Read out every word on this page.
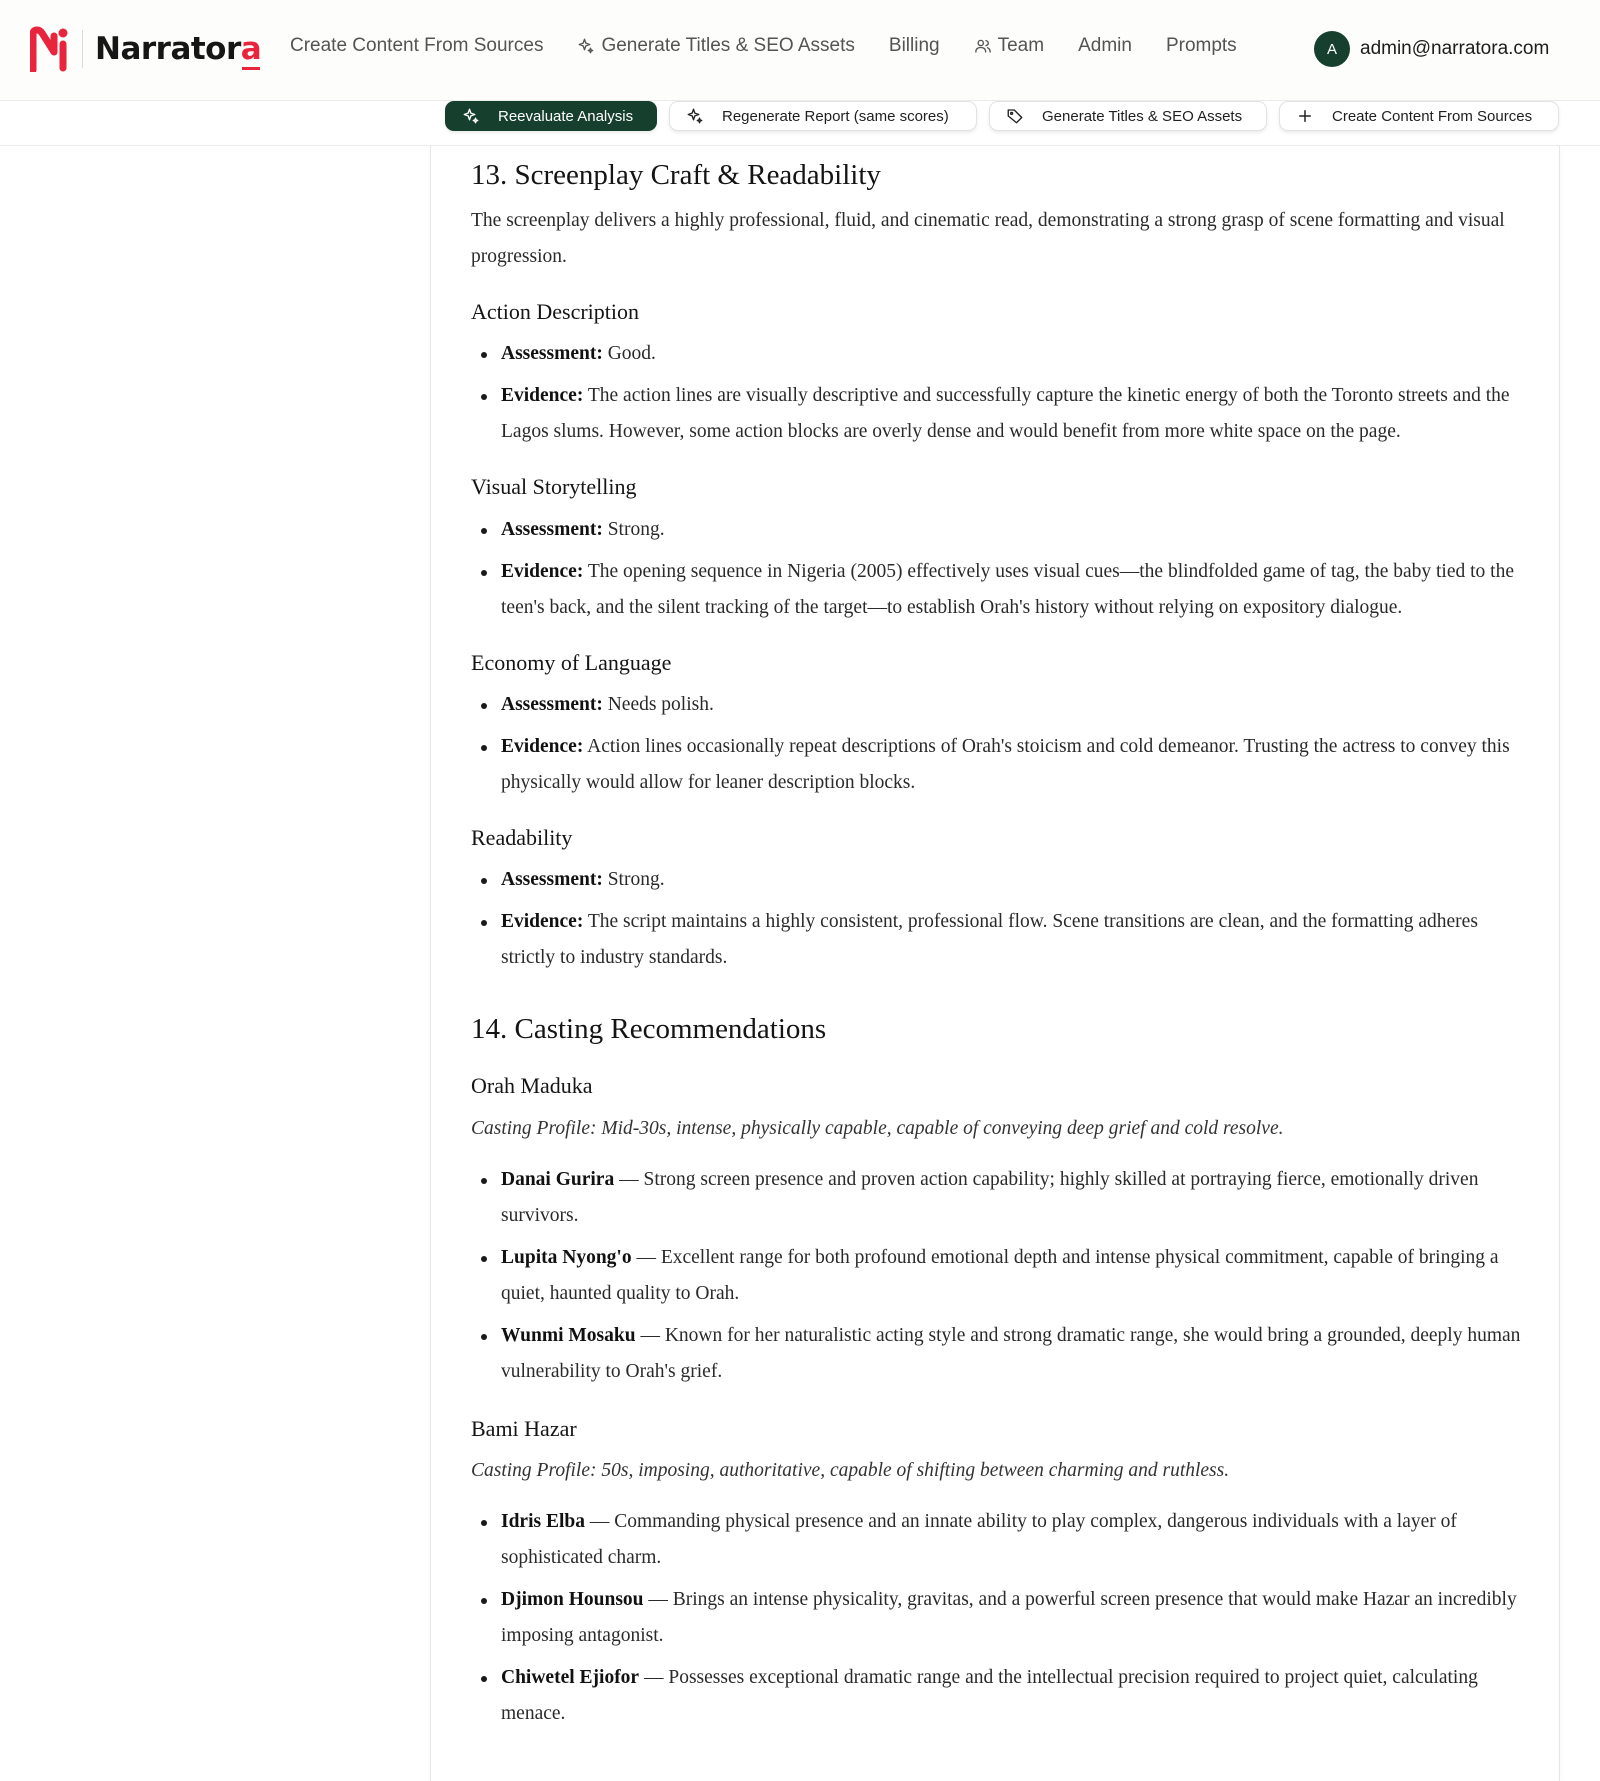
Narratora Create Content From Sources	Generate Titles & SEO Assets Billing	Team Admin Prompts	A	admin@narratora.com
Reevaluate Analysis	Regenerate Report (same scores)	Generate Titles & SEO Assets	Create Content From Sources
13. Screenplay Craft & Readability
The screenplay delivers a highly professional, fluid, and cinematic read, demonstrating a strong grasp of scene formatting and visual progression.
Action Description
Assessment: Good.
Evidence: The action lines are visually descriptive and successfully capture the kinetic energy of both the Toronto streets and the Lagos slums. However, some action blocks are overly dense and would benefit from more white space on the page.
Visual Storytelling
Assessment: Strong.
Evidence: The opening sequence in Nigeria (2005) effectively uses visual cues—the blindfolded game of tag, the baby tied to the teen's back, and the silent tracking of the target—to establish Orah's history without relying on expository dialogue.
Economy of Language
Assessment: Needs polish.
Evidence: Action lines occasionally repeat descriptions of Orah's stoicism and cold demeanor. Trusting the actress to convey this physically would allow for leaner description blocks.
Readability
Assessment: Strong.
Evidence: The script maintains a highly consistent, professional flow. Scene transitions are clean, and the formatting adheres strictly to industry standards.
14. Casting Recommendations
Orah Maduka
Casting Profile: Mid-30s, intense, physically capable, capable of conveying deep grief and cold resolve.
Danai Gurira — Strong screen presence and proven action capability; highly skilled at portraying fierce, emotionally driven survivors.
Lupita Nyong'o — Excellent range for both profound emotional depth and intense physical commitment, capable of bringing a quiet, haunted quality to Orah.
Wunmi Mosaku — Known for her naturalistic acting style and strong dramatic range, she would bring a grounded, deeply human vulnerability to Orah's grief.
Bami Hazar
Casting Profile: 50s, imposing, authoritative, capable of shifting between charming and ruthless.
Idris Elba — Commanding physical presence and an innate ability to play complex, dangerous individuals with a layer of sophisticated charm.
Djimon Hounsou — Brings an intense physicality, gravitas, and a powerful screen presence that would make Hazar an incredibly imposing antagonist.
Chiwetel Ejiofor — Possesses exceptional dramatic range and the intellectual precision required to project quiet, calculating menace.
